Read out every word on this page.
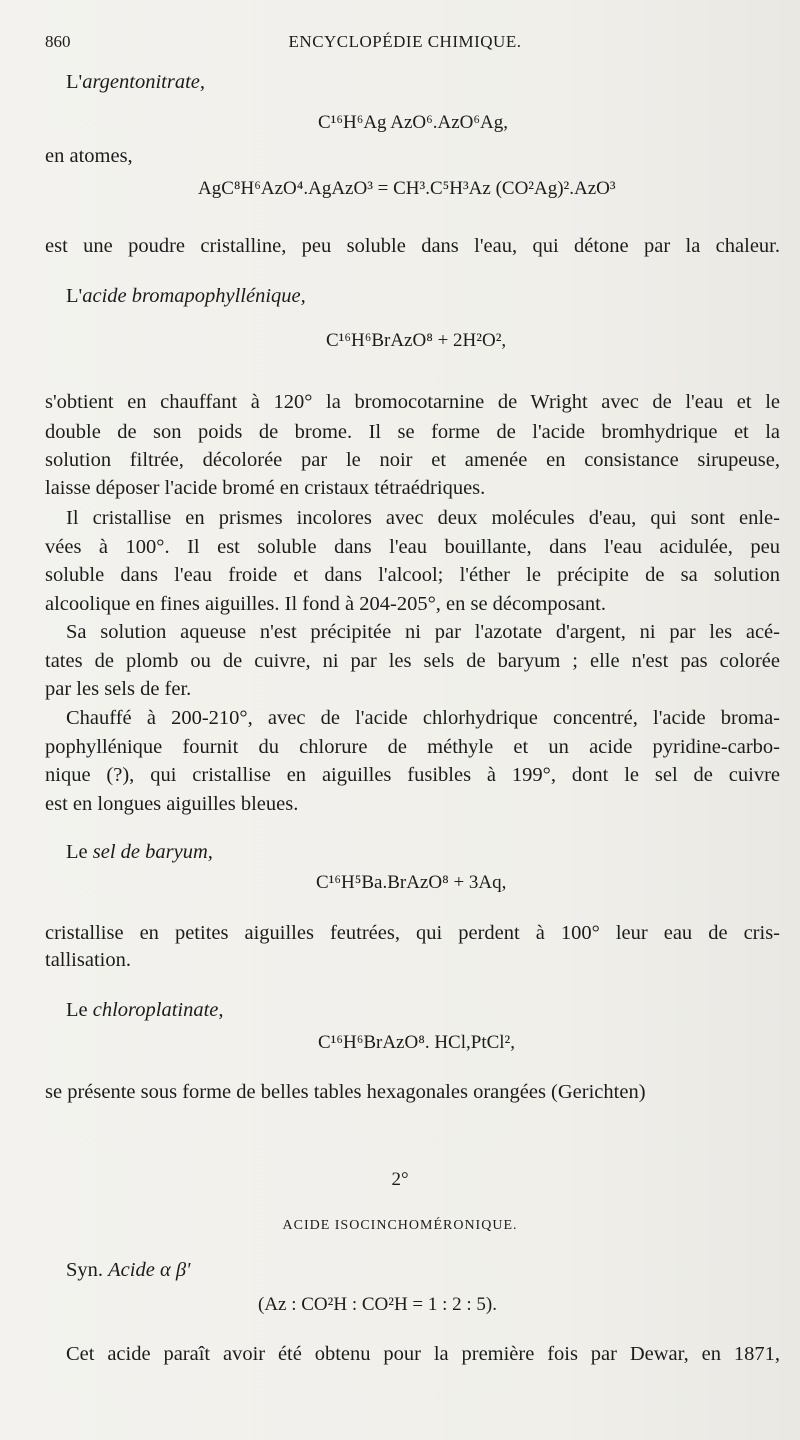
860	ENCYCLOPÉDIE CHIMIQUE.
L'argentonitrate,
C¹⁶H⁶Ag AzO⁶.AzO⁶Ag,
en atomes,
AgC⁸H⁶AzO⁴.AgAzO³ = CH³.C⁵H³Az (CO²Ag)².AzO³
est une poudre cristalline, peu soluble dans l'eau, qui détone par la chaleur.
L'acide bromapophyllénique,
C¹⁶H⁶BrAzO⁸ + 2H²O²,
s'obtient en chauffant à 120° la bromocotarnine de Wright avec de l'eau et le
double de son poids de brome. Il se forme de l'acide bromhydrique et la
solution filtrée, décolorée par le noir et amenée en consistance sirupeuse,
laisse déposer l'acide bromé en cristaux tétraédriques.
Il cristallise en prismes incolores avec deux molécules d'eau, qui sont enle-
vées à 100°. Il est soluble dans l'eau bouillante, dans l'eau acidulée, peu
soluble dans l'eau froide et dans l'alcool; l'éther le précipite de sa solution
alcoolique en fines aiguilles. Il fond à 204-205°, en se décomposant.
Sa solution aqueuse n'est précipitée ni par l'azotate d'argent, ni par les acé-
tates de plomb ou de cuivre, ni par les sels de baryum ; elle n'est pas colorée
par les sels de fer.
Chauffé à 200-210°, avec de l'acide chlorhydrique concentré, l'acide broma-
pophyllénique fournit du chlorure de méthyle et un acide pyridine-carbo-
nique (?), qui cristallise en aiguilles fusibles à 199°, dont le sel de cuivre
est en longues aiguilles bleues.
Le sel de baryum,
C¹⁶H⁵Ba.BrAzO⁸ + 3Aq,
cristallise en petites aiguilles feutrées, qui perdent à 100° leur eau de cris-
tallisation.
Le chloroplatinate,
C¹⁶H⁶BrAzO⁸. HCl,PtCl²,
se présente sous forme de belles tables hexagonales orangées (Gerichten)
2°
ACIDE ISOCINCHOMÉRONIQUE.
Syn. Acide α β'
(Az : CO²H : CO²H = 1 : 2 : 5).
Cet acide paraît avoir été obtenu pour la première fois par Dewar, en 1871,
